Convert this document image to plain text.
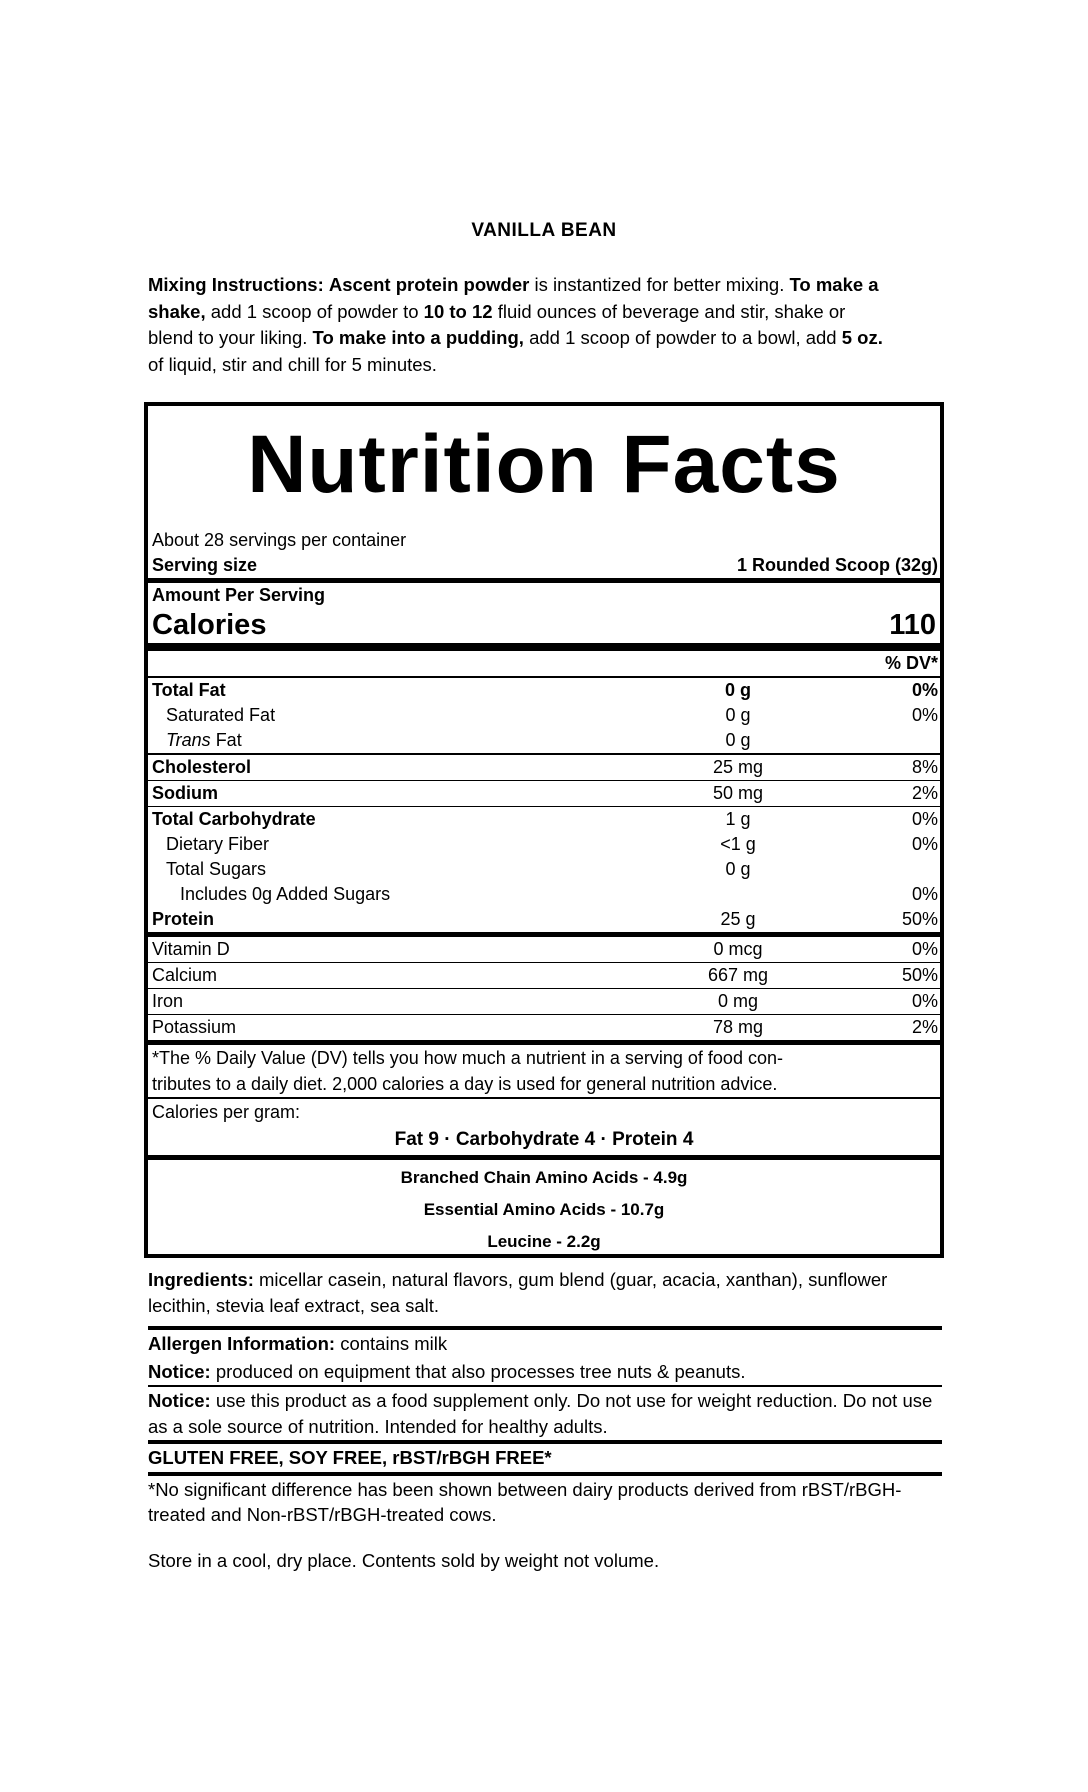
VANILLA BEAN
Mixing Instructions: Ascent protein powder is instantized for better mixing. To make a shake, add 1 scoop of powder to 10 to 12 fluid ounces of beverage and stir, shake or blend to your liking. To make into a pudding, add 1 scoop of powder to a bowl, add 5 oz. of liquid, stir and chill for 5 minutes.
Nutrition Facts
About 28 servings per container
Serving size	1 Rounded Scoop (32g)
Amount Per Serving
Calories	110
% DV*
Total Fat	0 g	0%
Saturated Fat	0 g	0%
Trans Fat	0 g
Cholesterol	25 mg	8%
Sodium	50 mg	2%
Total Carbohydrate	1 g	0%
Dietary Fiber	<1 g	0%
Total Sugars	0 g
Includes 0g Added Sugars	0%
Protein	25 g	50%
Vitamin D	0 mcg	0%
Calcium	667 mg	50%
Iron	0 mg	0%
Potassium	78 mg	2%
*The % Daily Value (DV) tells you how much a nutrient in a serving of food con-
tributes to a daily diet. 2,000 calories a day is used for general nutrition advice.
Calories per gram:
Fat 9 · Carbohydrate 4 · Protein 4
Branched Chain Amino Acids - 4.9g
Essential Amino Acids - 10.7g
Leucine - 2.2g
Ingredients: micellar casein, natural flavors, gum blend (guar, acacia, xanthan), sunflower lecithin, stevia leaf extract, sea salt.
Allergen Information: contains milk
Notice: produced on equipment that also processes tree nuts & peanuts.
Notice: use this product as a food supplement only. Do not use for weight reduction. Do not use as a sole source of nutrition. Intended for healthy adults.
GLUTEN FREE, SOY FREE, rBST/rBGH FREE*
*No significant difference has been shown between dairy products derived from rBST/rBGH-treated and Non-rBST/rBGH-treated cows.
Store in a cool, dry place. Contents sold by weight not volume.
